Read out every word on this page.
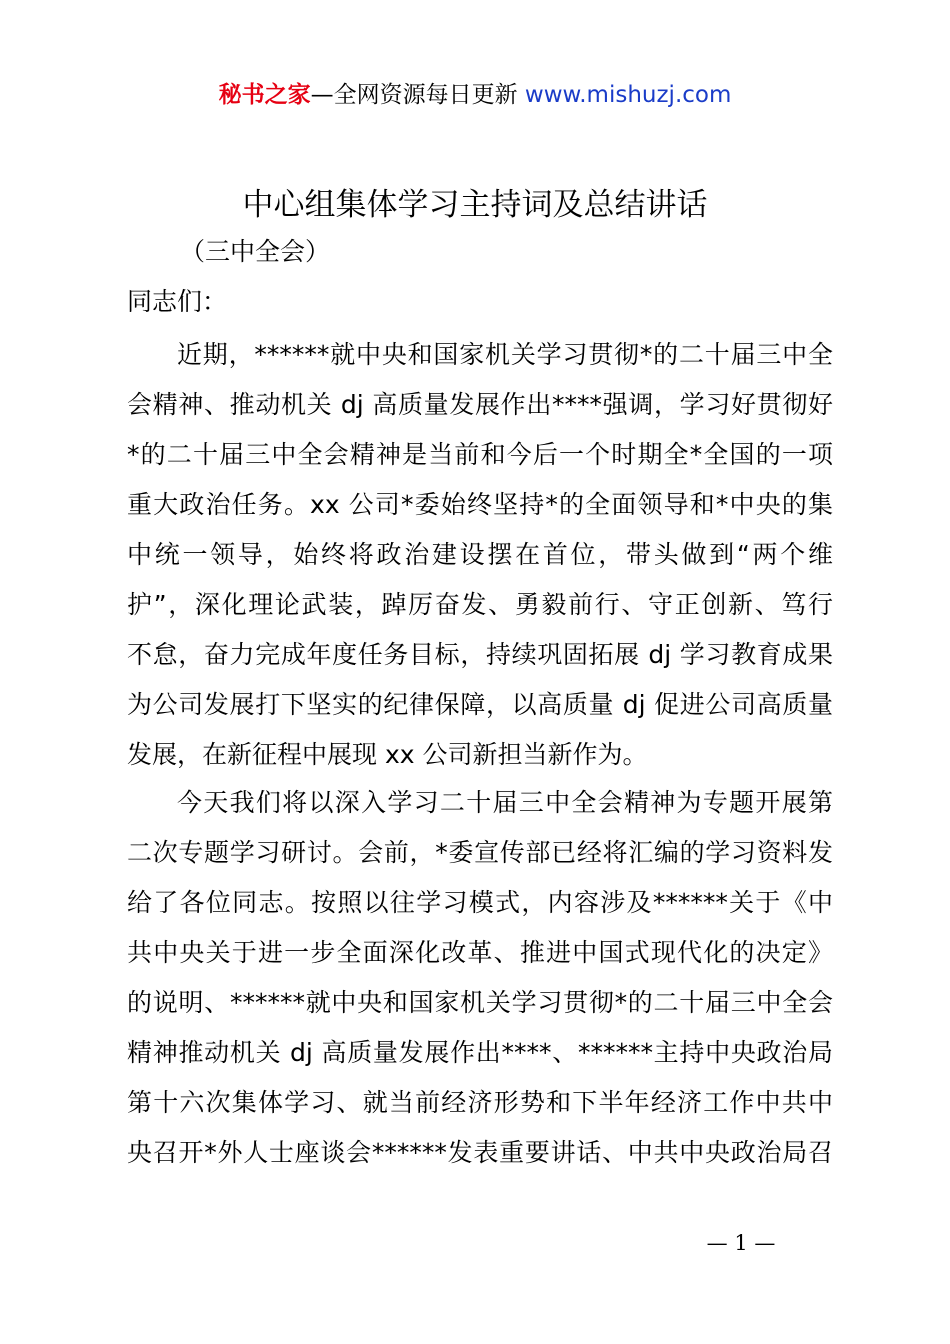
秘书之家—全网资源每日更新 www.mishuzj.com
中心组集体学习主持词及总结讲话
（三中全会）
同志们：
近期，******就中央和国家机关学习贯彻*的二十届三中全
会精神、推动机关 dj 高质量发展作出****强调，学习好贯彻好
*的二十届三中全会精神是当前和今后一个时期全*全国的一项
重大政治任务。xx 公司*委始终坚持*的全面领导和*中央的集
中统一领导，始终将政治建设摆在首位，带头做到“两个维
护”，深化理论武装，踔厉奋发、勇毅前行、守正创新、笃行
不怠，奋力完成年度任务目标，持续巩固拓展 dj 学习教育成果
为公司发展打下坚实的纪律保障，以高质量 dj 促进公司高质量
发展，在新征程中展现 xx 公司新担当新作为。
今天我们将以深入学习二十届三中全会精神为专题开展第
二次专题学习研讨。会前，*委宣传部已经将汇编的学习资料发
给了各位同志。按照以往学习模式，内容涉及******关于《中
共中央关于进一步全面深化改革、推进中国式现代化的决定》
的说明、******就中央和国家机关学习贯彻*的二十届三中全会
精神推动机关 dj 高质量发展作出****、******主持中央政治局
第十六次集体学习、就当前经济形势和下半年经济工作中共中
央召开*外人士座谈会******发表重要讲话、中共中央政治局召
— 1 —
